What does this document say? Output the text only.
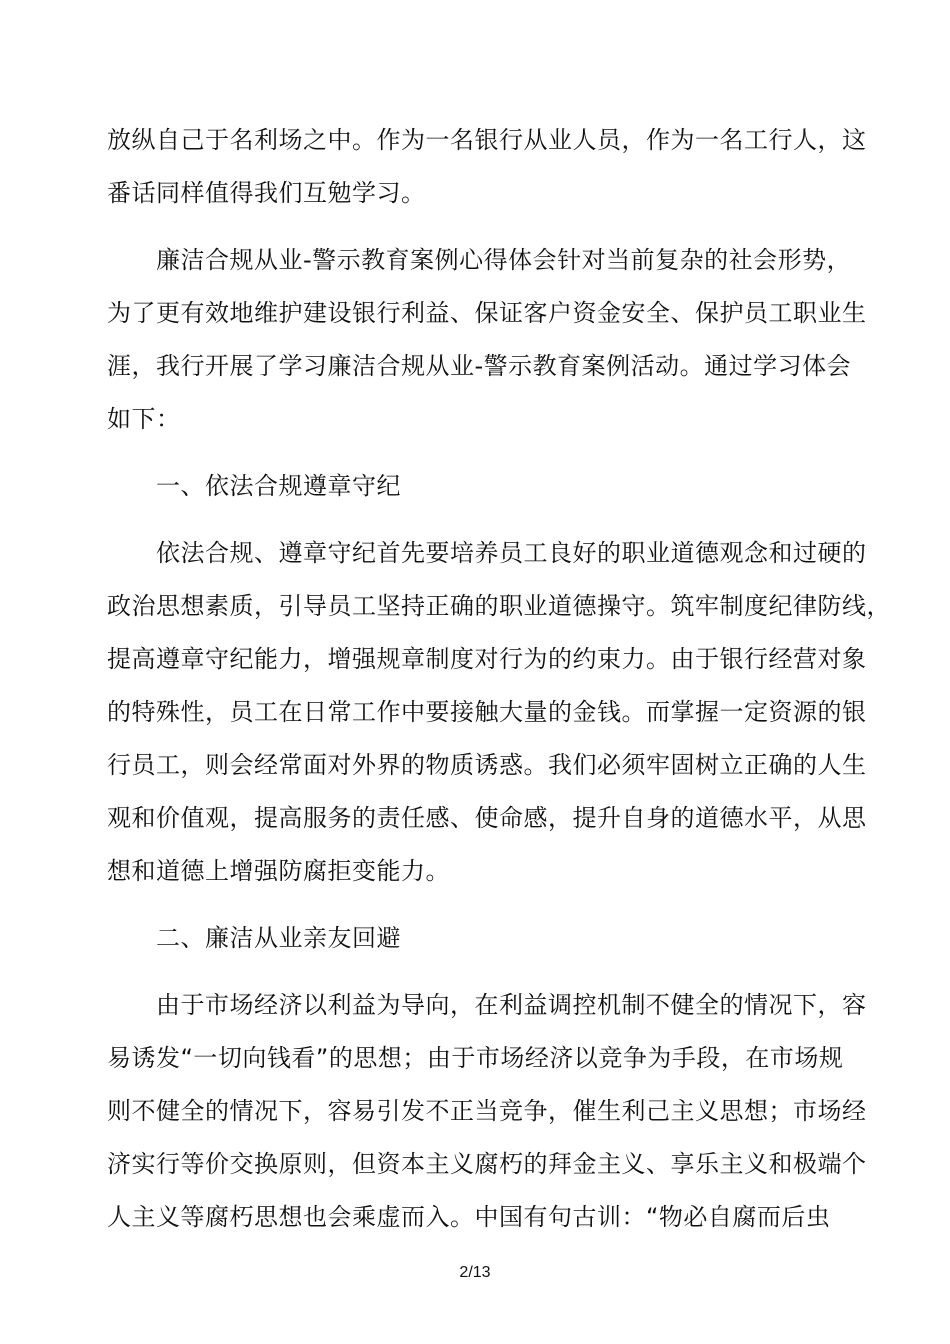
放纵自己于名利场之中。作为一名银行从业人员，作为一名工行人，这
番话同样值得我们互勉学习。
廉洁合规从业-警示教育案例心得体会针对当前复杂的社会形势，
为了更有效地维护建设银行利益、保证客户资金安全、保护员工职业生
涯，我行开展了学习廉洁合规从业-警示教育案例活动。通过学习体会
如下：
一、依法合规遵章守纪
依法合规、遵章守纪首先要培养员工良好的职业道德观念和过硬的
政治思想素质，引导员工坚持正确的职业道德操守。筑牢制度纪律防线，
提高遵章守纪能力，增强规章制度对行为的约束力。由于银行经营对象
的特殊性，员工在日常工作中要接触大量的金钱。而掌握一定资源的银
行员工，则会经常面对外界的物质诱惑。我们必须牢固树立正确的人生
观和价值观，提高服务的责任感、使命感，提升自身的道德水平，从思
想和道德上增强防腐拒变能力。
二、廉洁从业亲友回避
由于市场经济以利益为导向，在利益调控机制不健全的情况下，容
易诱发“一切向钱看”的思想；由于市场经济以竞争为手段，在市场规
则不健全的情况下，容易引发不正当竞争，催生利己主义思想；市场经
济实行等价交换原则，但资本主义腐朽的拜金主义、享乐主义和极端个
人主义等腐朽思想也会乘虚而入。中国有句古训：“物必自腐而后虫
2/13
